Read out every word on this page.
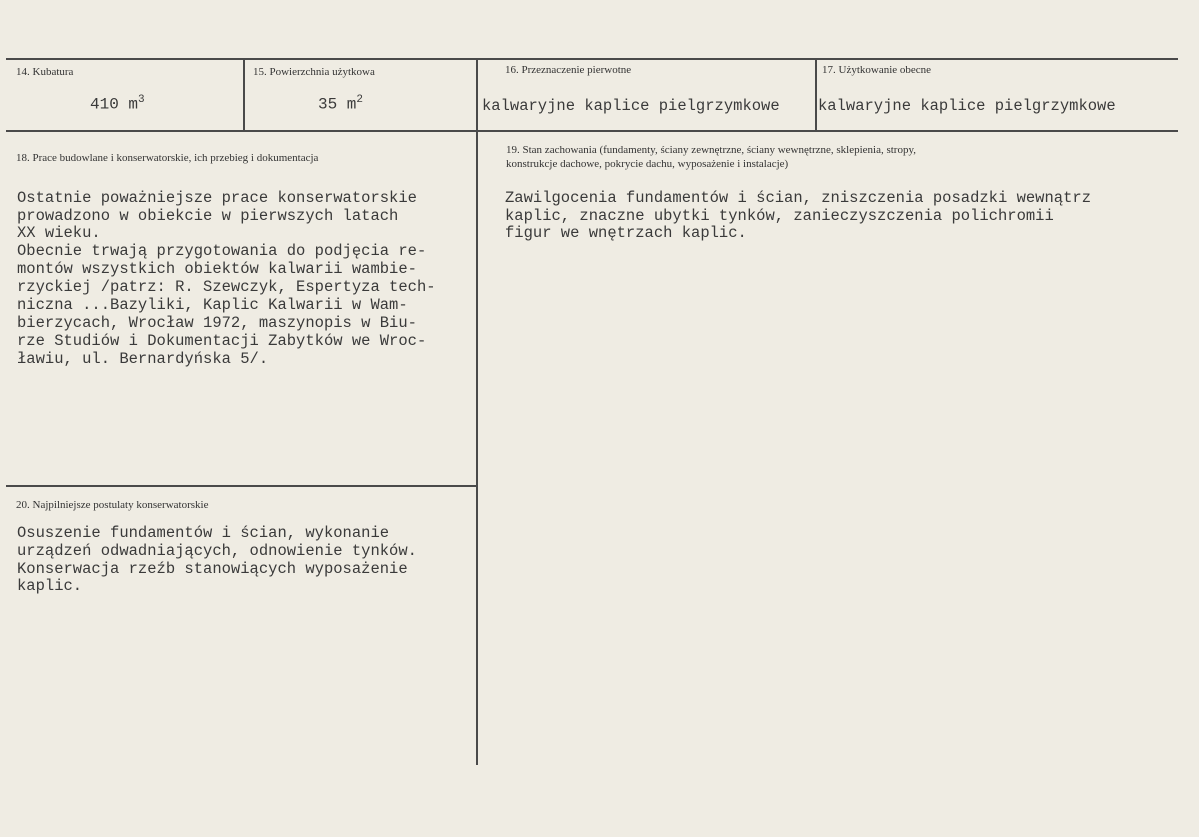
14. Kubatura
410 $m^3$
15. Powierzchnia użytkowa
35 $m^2$
16. Przeznaczenie pierwotne
kalwaryjne kaplice pielgrzymkowe
17. Użytkowanie obecne
kalwaryjne kaplice pielgrzymkowe
18. Prace budowlane i konserwatorskie, ich przebieg i dokumentacja
Ostatnie poważniejsze prace konserwatorskie
prowadzono w obiekcie w pierwszych latach
XX wieku.
Obecnie trwają przygotowania do podjęcia re-
montów wszystkich obiektów kalwarii wambie-
rzyckiej /patrz: R. Szewczyk, Espertyza tech-
niczna ...Bazyliki, Kaplic Kalwarii w Wam-
bierzycach, Wrocław 1972, maszynopis w Biu-
rze Studiów i Dokumentacji Zabytków we Wroc-
ławiu, ul. Bernardyńska 5/.
19. Stan zachowania (fundamenty, ściany zewnętrzne, ściany wewnętrzne, sklepienia, stropy,
konstrukcje dachowe, pokrycie dachu, wyposażenie i instalacje)
Zawilgocenia fundamentów i ścian, zniszczenia posadzki wewnątrz
kaplic, znaczne ubytki tynków, zanieczyszczenia polichromii
figur we wnętrzach kaplic.
20. Najpilniejsze postulaty konserwatorskie
Osuszenie fundamentów i ścian, wykonanie
urządzeń odwadniających, odnowienie tynków.
Konserwacja rzeźb stanowiących wyposażenie
kaplic.
